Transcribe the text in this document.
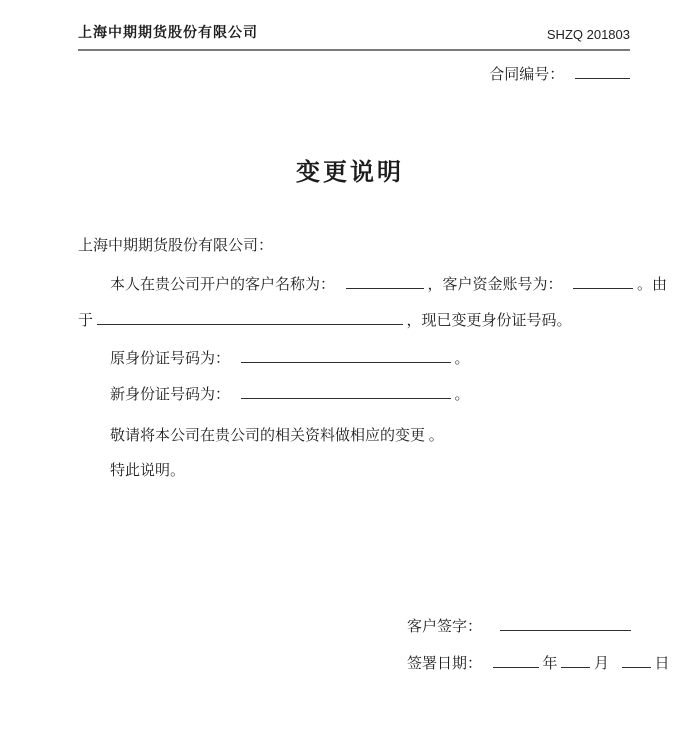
上海中期期货股份有限公司	SHZQ 201803
合同编号：
变更说明

上海中期期货股份有限公司：

本人在贵公司开户的客户名称为：	，客户资金账号为：	。由

于	，现已变更身份证号码。

原身份证号码为：	。

新身份证号码为：	。

敬请将本公司在贵公司的相关资料做相应的变更 。

特此说明。

客户签字：

签署日期：	年 月	日
